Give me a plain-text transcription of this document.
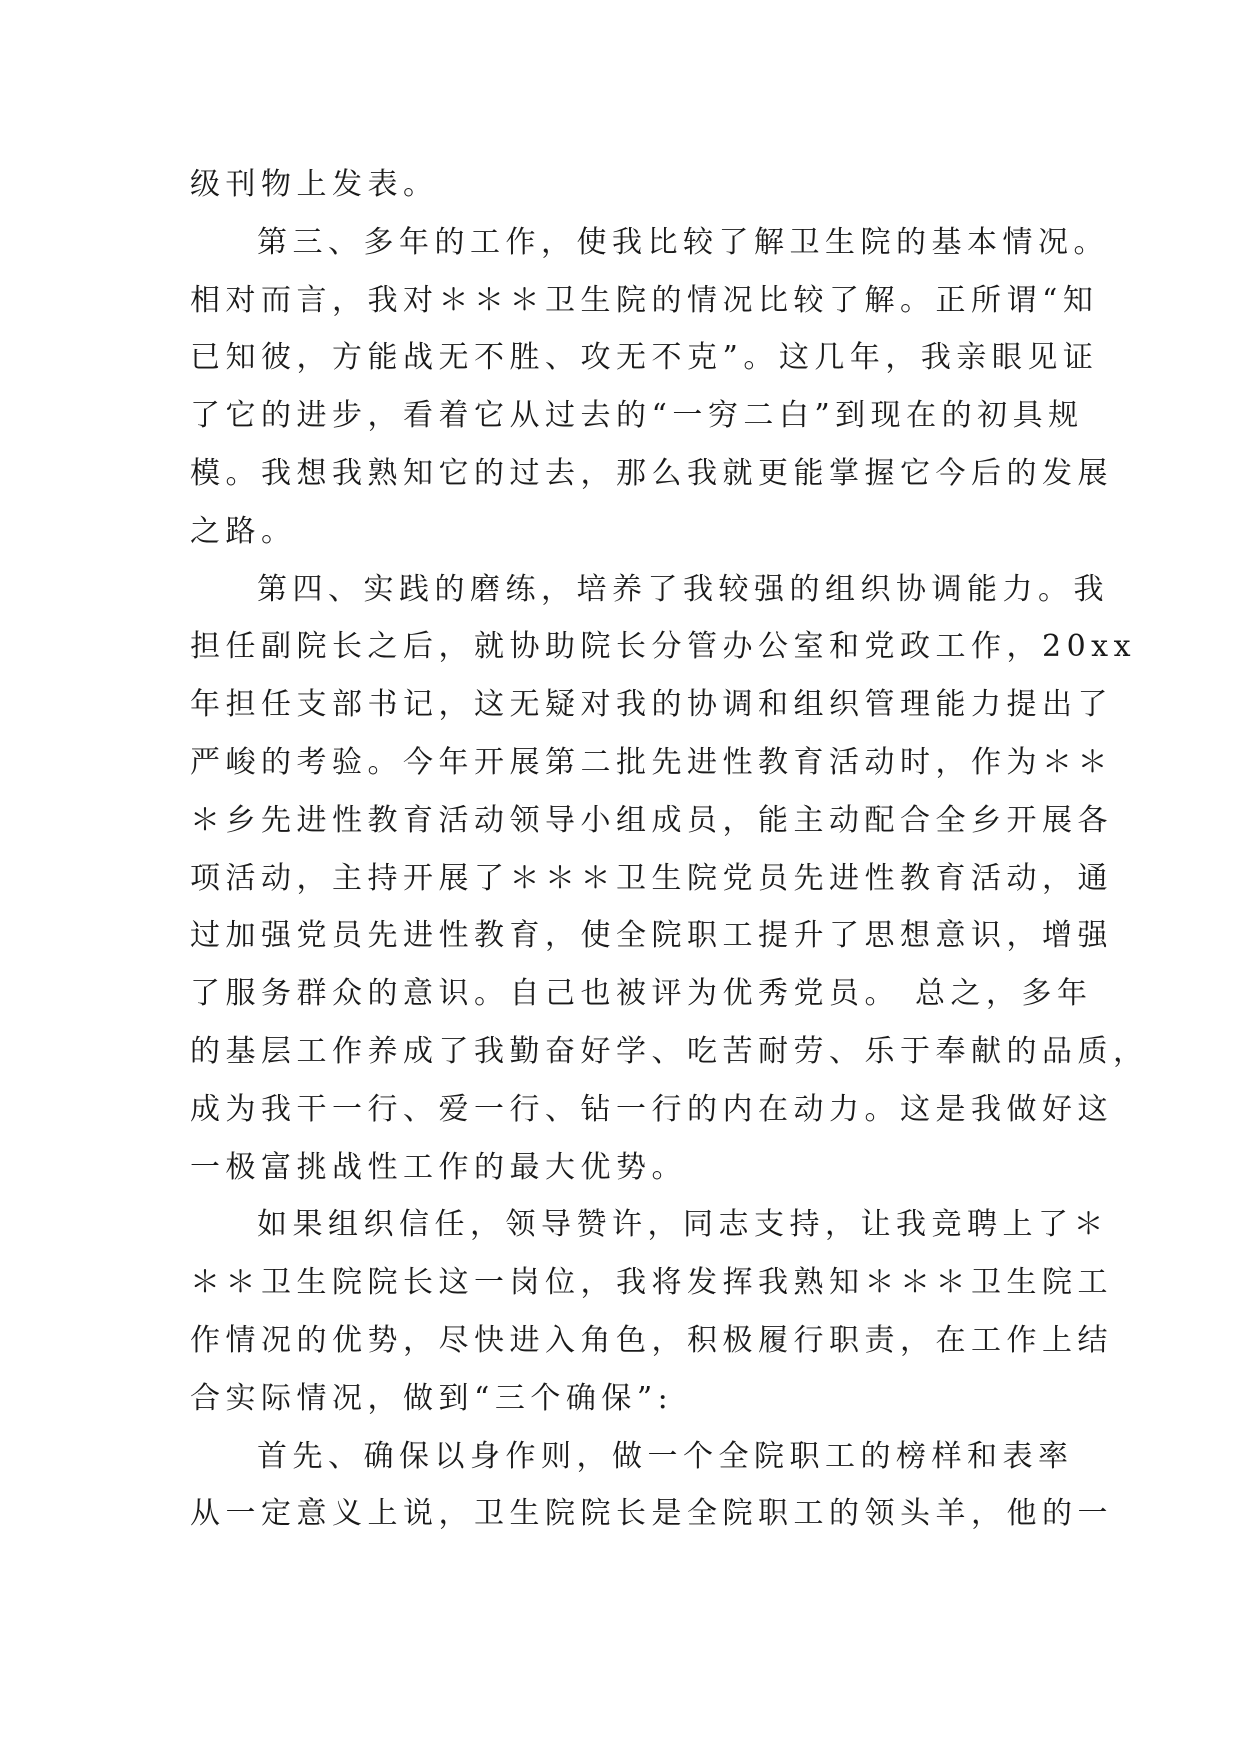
级刊物上发表。
第三、多年的工作，使我比较了解卫生院的基本情况。
相对而言，我对＊＊＊卫生院的情况比较了解。正所谓“知
已知彼，方能战无不胜、攻无不克”。这几年，我亲眼见证
了它的进步，看着它从过去的“一穷二白”到现在的初具规
模。我想我熟知它的过去，那么我就更能掌握它今后的发展
之路。
第四、实践的磨练，培养了我较强的组织协调能力。我
担任副院长之后，就协助院长分管办公室和党政工作，20xx
年担任支部书记，这无疑对我的协调和组织管理能力提出了
严峻的考验。今年开展第二批先进性教育活动时，作为＊＊
＊乡先进性教育活动领导小组成员，能主动配合全乡开展各
项活动，主持开展了＊＊＊卫生院党员先进性教育活动，通
过加强党员先进性教育，使全院职工提升了思想意识，增强
了服务群众的意识。自己也被评为优秀党员。 总之，多年
的基层工作养成了我勤奋好学、吃苦耐劳、乐于奉献的品质，
成为我干一行、爱一行、钻一行的内在动力。这是我做好这
一极富挑战性工作的最大优势。
如果组织信任，领导赞许，同志支持，让我竞聘上了＊
＊＊卫生院院长这一岗位，我将发挥我熟知＊＊＊卫生院工
作情况的优势，尽快进入角色，积极履行职责，在工作上结
合实际情况，做到“三个确保”:
首先、确保以身作则，做一个全院职工的榜样和表率
从一定意义上说，卫生院院长是全院职工的领头羊，他的一
